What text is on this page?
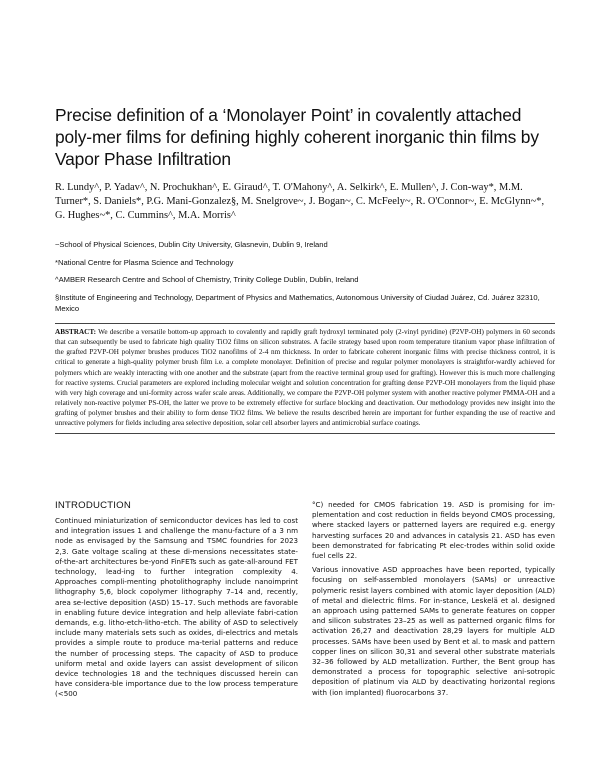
Precise definition of a ‘Monolayer Point’ in covalently attached poly-mer films for defining highly coherent inorganic thin films by Vapor Phase Infiltration
R. Lundy^, P. Yadav^, N. Prochukhan^, E. Giraud^, T. O'Mahony^, A. Selkirk^, E. Mullen^, J. Con-way*, M.M. Turner*, S. Daniels*, P.G. Mani-Gonzalez§, M. Snelgrove~, J. Bogan~, C. McFeely~, R. O'Connor~, E. McGlynn~*, G. Hughes~*, C. Cummins^, M.A. Morris^
~School of Physical Sciences, Dublin City University, Glasnevin, Dublin 9, Ireland
*National Centre for Plasma Science and Technology
^AMBER Research Centre and School of Chemistry, Trinity College Dublin, Dublin, Ireland
§Institute of Engineering and Technology, Department of Physics and Mathematics, Autonomous University of Ciudad Juárez, Cd. Juárez 32310, Mexico
ABSTRACT: We describe a versatile bottom-up approach to covalently and rapidly graft hydroxyl terminated poly (2-vinyl pyridine) (P2VP-OH) polymers in 60 seconds that can subsequently be used to fabricate high quality TiO2 films on silicon substrates. A facile strategy based upon room temperature titanium vapor phase infiltration of the grafted P2VP-OH polymer brushes produces TiO2 nanofilms of 2-4 nm thickness. In order to fabricate coherent inorganic films with precise thickness control, it is critical to generate a high-quality polymer brush film i.e. a complete monolayer. Definition of precise and regular polymer monolayers is straightfor-wardly achieved for polymers which are weakly interacting with one another and the substrate (apart from the reactive terminal group used for grafting). However this is much more challenging for reactive systems. Crucial parameters are explored including molecular weight and solution concentration for grafting dense P2VP-OH monolayers from the liquid phase with very high coverage and uni-formity across wafer scale areas. Additionally, we compare the P2VP-OH polymer system with another reactive polymer PMMA-OH and a relatively non-reactive polymer PS-OH, the latter we prove to be extremely effective for surface blocking and deactivation. Our methodology provides new insight into the grafting of polymer brushes and their ability to form dense TiO2 films. We believe the results described herein are important for further expanding the use of reactive and unreactive polymers for fields including area selective deposition, solar cell absorber layers and antimicrobial surface coatings.
INTRODUCTION

Continued miniaturization of semiconductor devices has led to cost and integration issues 1 and challenge the manu-facture of a 3 nm node as envisaged by the Samsung and TSMC foundries for 2023 2,3. Gate voltage scaling at these di-mensions necessitates state-of-the-art architectures be-yond FinFETs such as gate-all-around FET technology, lead-ing to further integration complexity 4. Approaches compli-menting photolithography include nanoimprint lithography 5,6, block copolymer lithography 7–14 and, recently, area se-lective deposition (ASD) 15–17. Such methods are favorable in enabling future device integration and help alleviate fabri-cation demands, e.g. litho-etch-litho-etch. The ability of ASD to selectively include many materials sets such as oxides, di-electrics and metals provides a simple route to produce ma-terial patterns and reduce the number of processing steps. The capacity of ASD to produce uniform metal and oxide layers can assist development of silicon device technologies 18 and the techniques discussed herein can have considera-ble importance due to the low process temperature (<500

°C) needed for CMOS fabrication 19. ASD is promising for im-plementation and cost reduction in fields beyond CMOS processing, where stacked layers or patterned layers are required e.g. energy harvesting surfaces 20 and advances in catalysis 21. ASD has even been demonstrated for fabricating Pt elec-trodes within solid oxide fuel cells 22.

Various innovative ASD approaches have been reported, typically focusing on self-assembled monolayers (SAMs) or unreactive polymeric resist layers combined with atomic layer deposition (ALD) of metal and dielectric films. For in-stance, Leskelä et al. designed an approach using patterned SAMs to generate features on copper and silicon substrates 23–25 as well as patterned organic films for activation 26,27 and deactivation 28,29 layers for multiple ALD processes. SAMs have been used by Bent et al. to mask and pattern copper lines on silicon 30,31 and several other substrate materials 32–36 followed by ALD metallization. Further, the Bent group has demonstrated a process for topographic selective ani-sotropic deposition of platinum via ALD by deactivating horizontal regions with (ion implanted) fluorocarbons 37.
